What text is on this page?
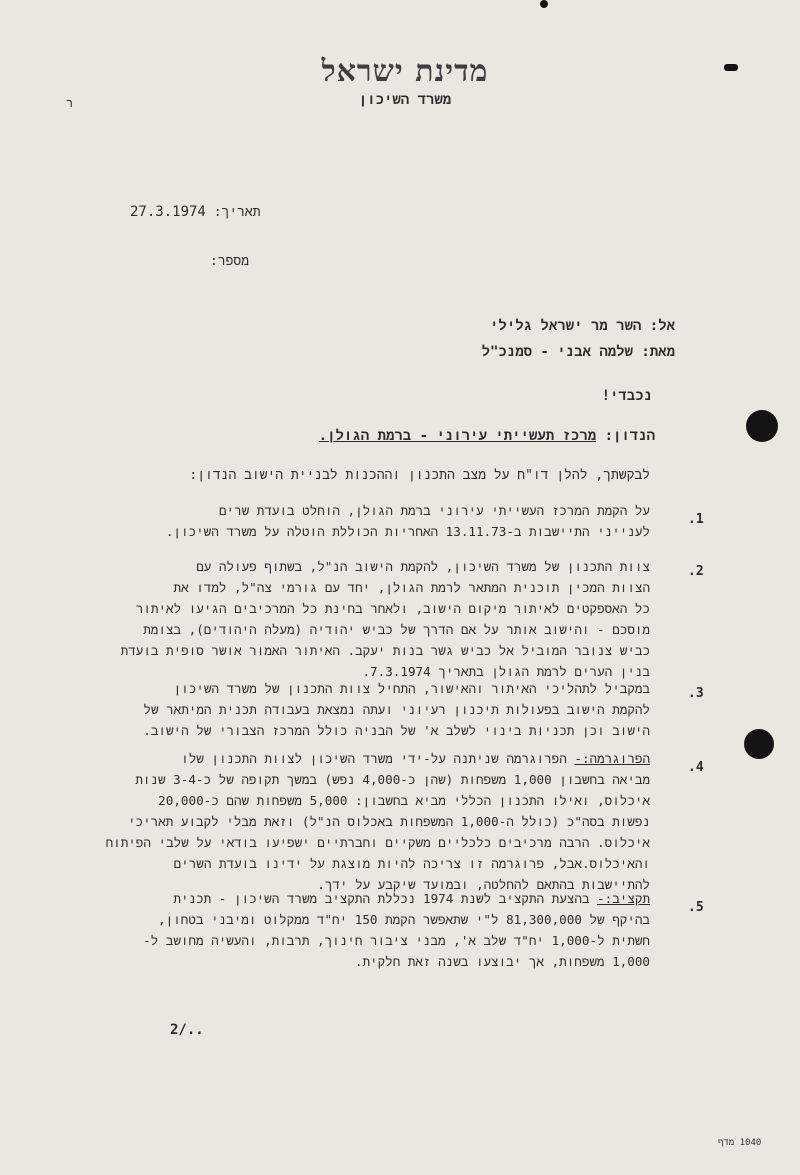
ר
מדינת ישראל
משרד השיכון
תאריך: 27.3.1974
מספר:
אל: השר מר ישראל גלילי
מאת: שלמה אבני - סמנכ"ל
נכבדי!
הנדון: מרכז תעשייתי עירוני - ברמת הגולן.
לבקשתך, להלן דו"ח על מצב התכנון וההכנות לבניית הישוב הנדון:
.1
על הקמת המרכז העשייתי עירוני ברמת הגולן, הוחלט בועדת שרים
לענייני התיישבות ב-13.11.73 האחריות הכוללת הוטלה על משרד השיכון.
.2
צוות התכנון של משרד השיכון, להקמת הישוב הנ"ל, בשתוף פעולה עם
הצוות המכין תוכנית המתאר לרמת הגולן, יחד עם גורמי צה"ל, למדו את
כל האספקטים לאיתור מיקום הישוב, ולאחר בחינת כל המרכיבים הגיעו לאיתור
מוסכם - והישוב אותר על אם הדרך של כביש יהודיה (מעלה היהודים), בצומת
כביש צנובר המוביל אל כביש גשר בנות יעקב. האיתור האמור אושר סופית בועדת
בנין הערים לרמת הגולן בתאריך 7.3.1974.
.3
במקביל לתהליכי האיתור והאישור, התחיל צוות התכנון של משרד השיכון
להקמת הישוב בפעולות תיכנון רעיוני ועתה נמצאת בעבודה תכנית המיתאר של
הישוב וכן תכניות בינוי לשלב א' של הבניה כולל המרכז הצבורי של הישוב.
.4
הפרוגרמה:- הפרוגרמה שניתנה על-ידי משרד השיכון לצוות התכנון שלו
מביאה בחשבון 1,000 משפחות (שהן כ-4,000 נפש) במשך תקופה של כ-3-4 שנות
איכלוס, ואילו התכנון הכללי מביא בחשבון: 5,000 משפחות שהם כ-20,000
נפשות בסה"כ (כולל ה-1,000 המשפחות באכלוס הנ"ל) וזאת מבלי לקבוע תאריכי
איכלוס. הרבה מרכיבים כלכליים משקיים וחברתיים ישפיעו בודאי על שלבי הפיתוח
והאיכלוס.אבל, פרוגרמה זו צריכה להיות מוצגת על ידינו בועדת השרים
להתיישבות בהתאם להחלטה, ובמועד שיקבע על ידך.
.5
תקציב:- בהצעת התקציב לשנת 1974 נכללת התקציב משרד השיכון - תכנית
בהיקף של 81,300,000 ל"י שתאפשר הקמת 150 יח"ד ממקלוט ומיבני בטחון,
חשתית ל-1,000 יח"ד שלב א', מבני ציבור חינוך, תרבות, והעשיה מחושב ל-
1,000 משפחות, אך יבוצעו בשנה זאת חלקית.
2/..
1040 מדף
